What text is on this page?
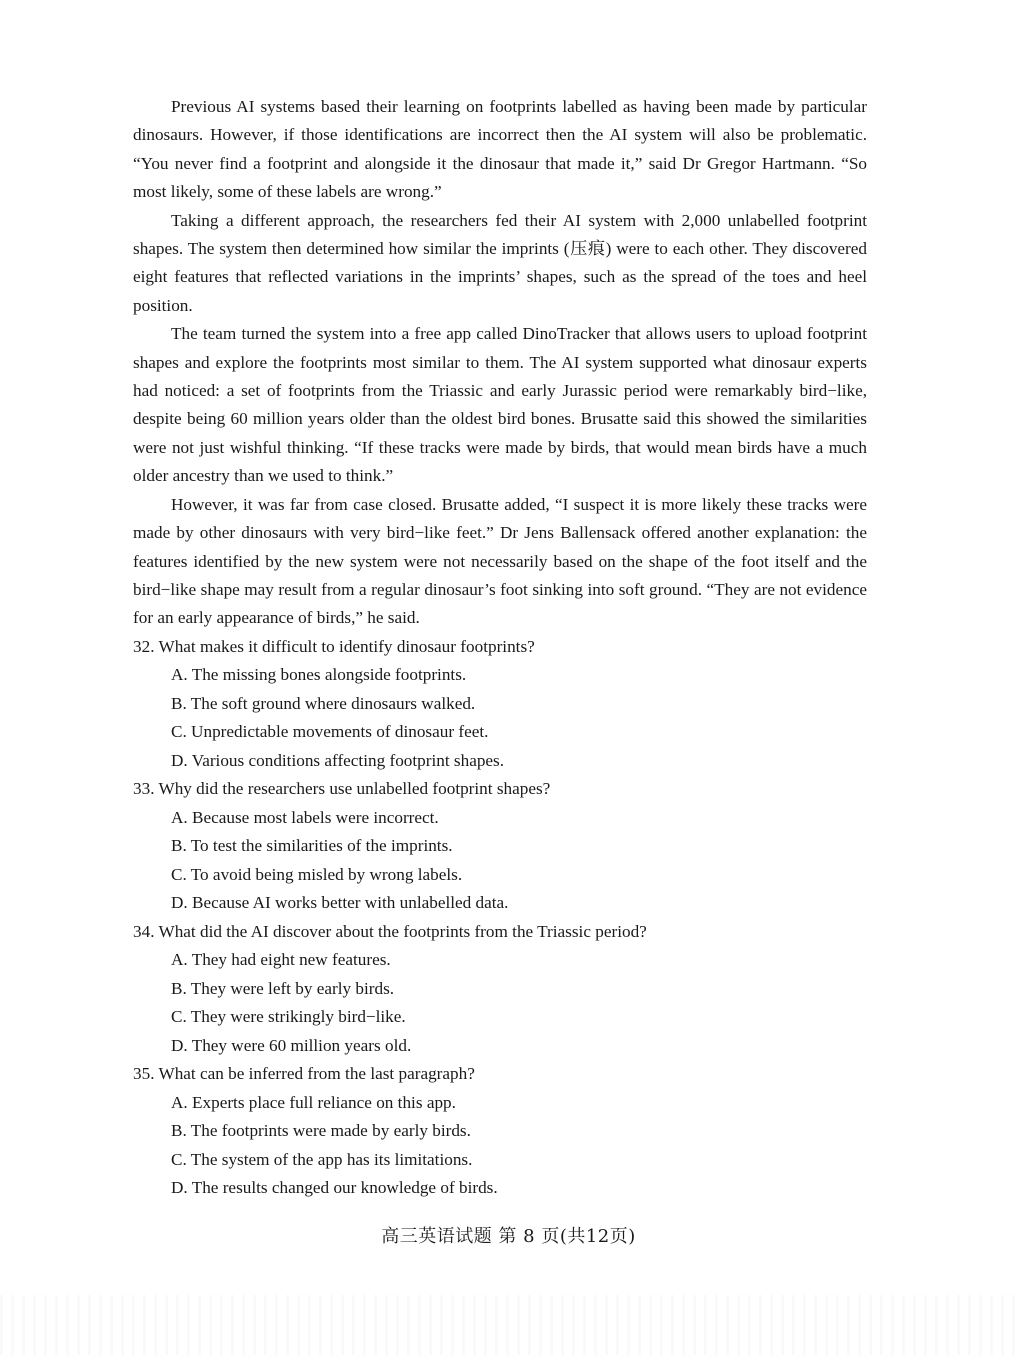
Previous AI systems based their learning on footprints labelled as having been made by particular dinosaurs. However, if those identifications are incorrect then the AI system will also be problematic. “You never find a footprint and alongside it the dinosaur that made it,” said Dr Gregor Hartmann. “So most likely, some of these labels are wrong.”

Taking a different approach, the researchers fed their AI system with 2,000 unlabelled footprint shapes. The system then determined how similar the imprints (压痕) were to each other. They discovered eight features that reflected variations in the imprints’ shapes, such as the spread of the toes and heel position.

The team turned the system into a free app called DinoTracker that allows users to upload footprint shapes and explore the footprints most similar to them. The AI system supported what dinosaur experts had noticed: a set of footprints from the Triassic and early Jurassic period were remarkably bird−like, despite being 60 million years older than the oldest bird bones. Brusatte said this showed the similarities were not just wishful thinking. “If these tracks were made by birds, that would mean birds have a much older ancestry than we used to think.”

However, it was far from case closed. Brusatte added, “I suspect it is more likely these tracks were made by other dinosaurs with very bird−like feet.” Dr Jens Ballensack offered another explanation: the features identified by the new system were not necessarily based on the shape of the foot itself and the bird−like shape may result from a regular dinosaur’s foot sinking into soft ground. “They are not evidence for an early appearance of birds,” he said.

32. What makes it difficult to identify dinosaur footprints?

A. The missing bones alongside footprints.
B. The soft ground where dinosaurs walked.
C. Unpredictable movements of dinosaur feet.
D. Various conditions affecting footprint shapes.

33. Why did the researchers use unlabelled footprint shapes?

A. Because most labels were incorrect.
B. To test the similarities of the imprints.
C. To avoid being misled by wrong labels.
D. Because AI works better with unlabelled data.

34. What did the AI discover about the footprints from the Triassic period?

A. They had eight new features.
B. They were left by early birds.
C. They were strikingly bird−like.
D. They were 60 million years old.

35. What can be inferred from the last paragraph?

A. Experts place full reliance on this app.
B. The footprints were made by early birds.
C. The system of the app has its limitations.
D. The results changed our knowledge of birds.
高三英语试题 第 8 页(共12页)
